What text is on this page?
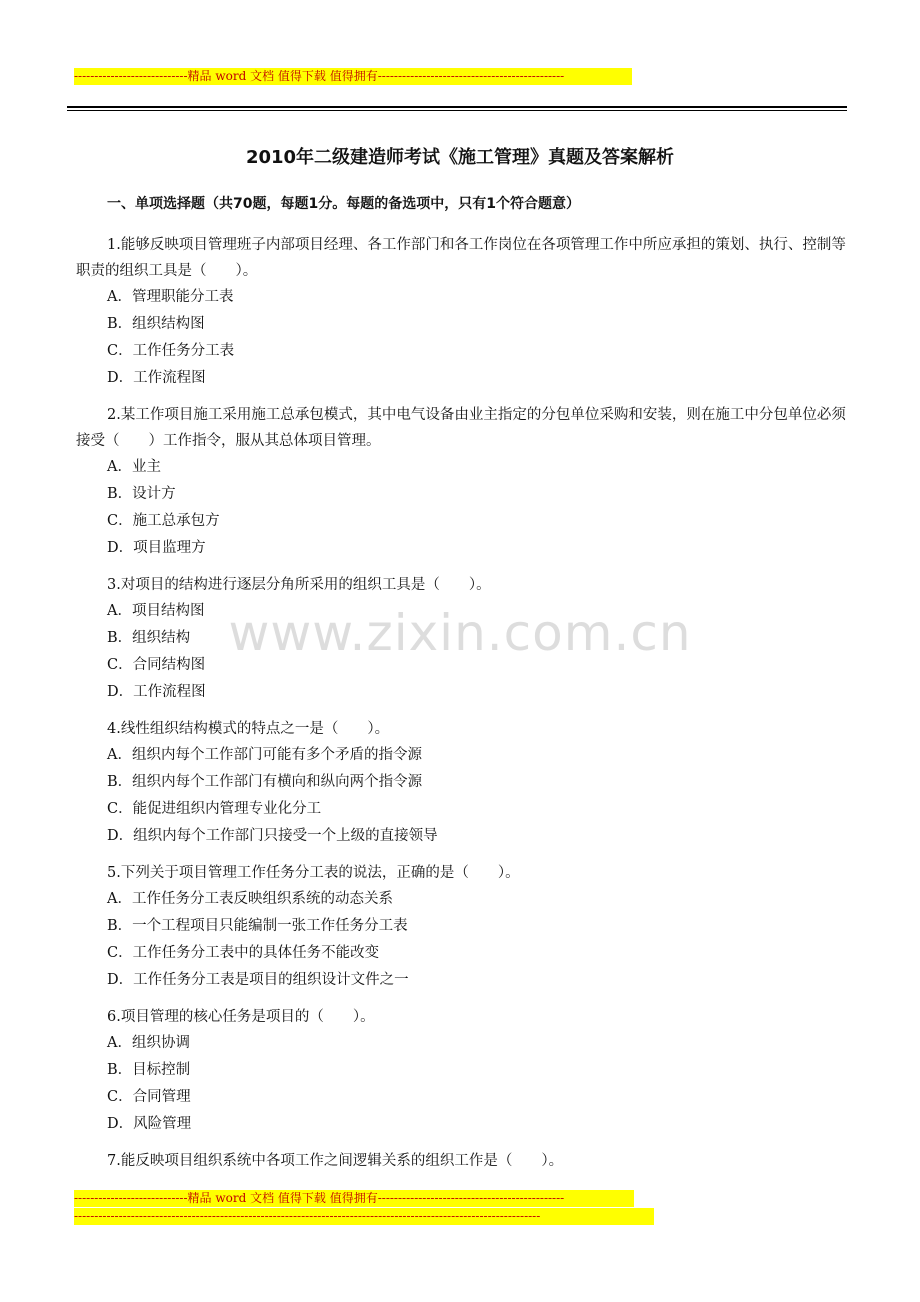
----------------------------精品 word 文档 值得下载 值得拥有----------------------------------------------
2010年二级建造师考试《施工管理》真题及答案解析
一、单项选择题（共70题，每题1分。每题的备选项中，只有1个符合题意）

1.能够反映项目管理班子内部项目经理、各工作部门和各工作岗位在各项管理工作中所应承担的策划、执行、控制等职责的组织工具是（　　）。

A．管理职能分工表
B．组织结构图
C．工作任务分工表
D．工作流程图

2.某工作项目施工采用施工总承包模式，其中电气设备由业主指定的分包单位采购和安装，则在施工中分包单位必须接受（　　）工作指令，服从其总体项目管理。

A．业主
B．设计方
C．施工总承包方
D．项目监理方

3.对项目的结构进行逐层分角所采用的组织工具是（　　）。

A．项目结构图
B．组织结构
C．合同结构图
D．工作流程图

4.线性组织结构模式的特点之一是（　　）。

A．组织内每个工作部门可能有多个矛盾的指令源
B．组织内每个工作部门有横向和纵向两个指令源
C．能促进组织内管理专业化分工
D．组织内每个工作部门只接受一个上级的直接领导

5.下列关于项目管理工作任务分工表的说法，正确的是（　　）。

A．工作任务分工表反映组织系统的动态关系
B．一个工程项目只能编制一张工作任务分工表
C．工作任务分工表中的具体任务不能改变
D．工作任务分工表是项目的组织设计文件之一

6.项目管理的核心任务是项目的（　　）。

A．组织协调
B．目标控制
C．合同管理
D．风险管理

7.能反映项目组织系统中各项工作之间逻辑关系的组织工作是（　　）。

www.zixin.com.cn
----------------------------精品 word 文档 值得下载 值得拥有----------------------------------------------
-------------------------------------------------------------------------------------------------------------------
